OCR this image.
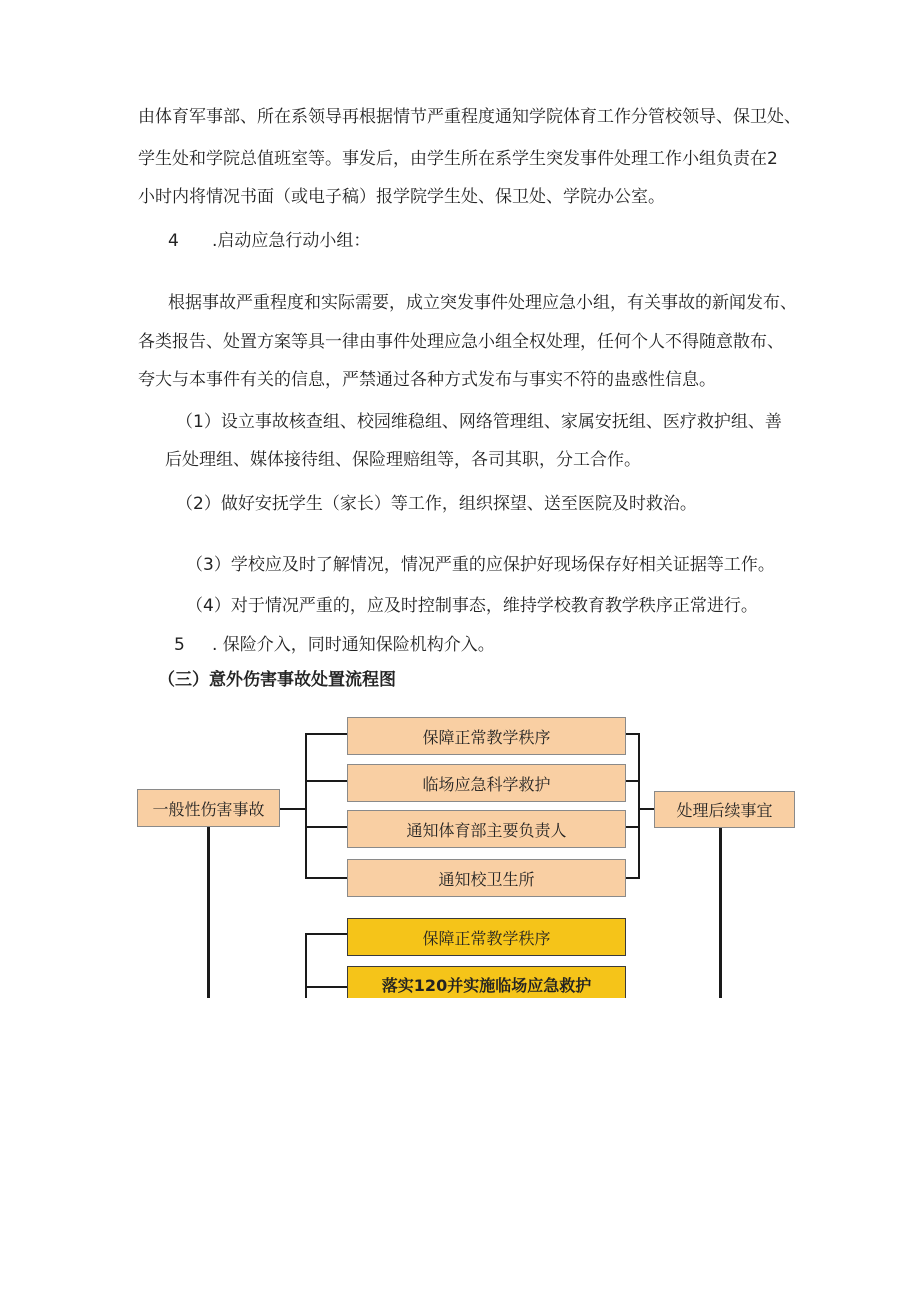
由体育军事部、所在系领导再根据情节严重程度通知学院体育工作分管校领导、保卫处、
学生处和学院总值班室等。事发后，由学生所在系学生突发事件处理工作小组负责在2
小时内将情况书面（或电子稿）报学院学生处、保卫处、学院办公室。
4 .启动应急行动小组：
根据事故严重程度和实际需要，成立突发事件处理应急小组，有关事故的新闻发布、
各类报告、处置方案等具一律由事件处理应急小组全权处理，任何个人不得随意散布、
夸大与本事件有关的信息，严禁通过各种方式发布与事实不符的蛊惑性信息。
（1）设立事故核查组、校园维稳组、网络管理组、家属安抚组、医疗救护组、善
后处理组、媒体接待组、保险理赔组等，各司其职，分工合作。
（2）做好安抚学生（家长）等工作，组织探望、送至医院及时救治。
（3）学校应及时了解情况，情况严重的应保护好现场保存好相关证据等工作。
（4）对于情况严重的，应及时控制事态，维持学校教育教学秩序正常进行。
5 . 保险介入，同时通知保险机构介入。
（三）意外伤害事故处置流程图
一般性伤害事故	处理后续事宜
保障正常教学秩序
临场应急科学救护
通知体育部主要负责人
通知校卫生所
保障正常教学秩序
落实120并实施临场应急救护
